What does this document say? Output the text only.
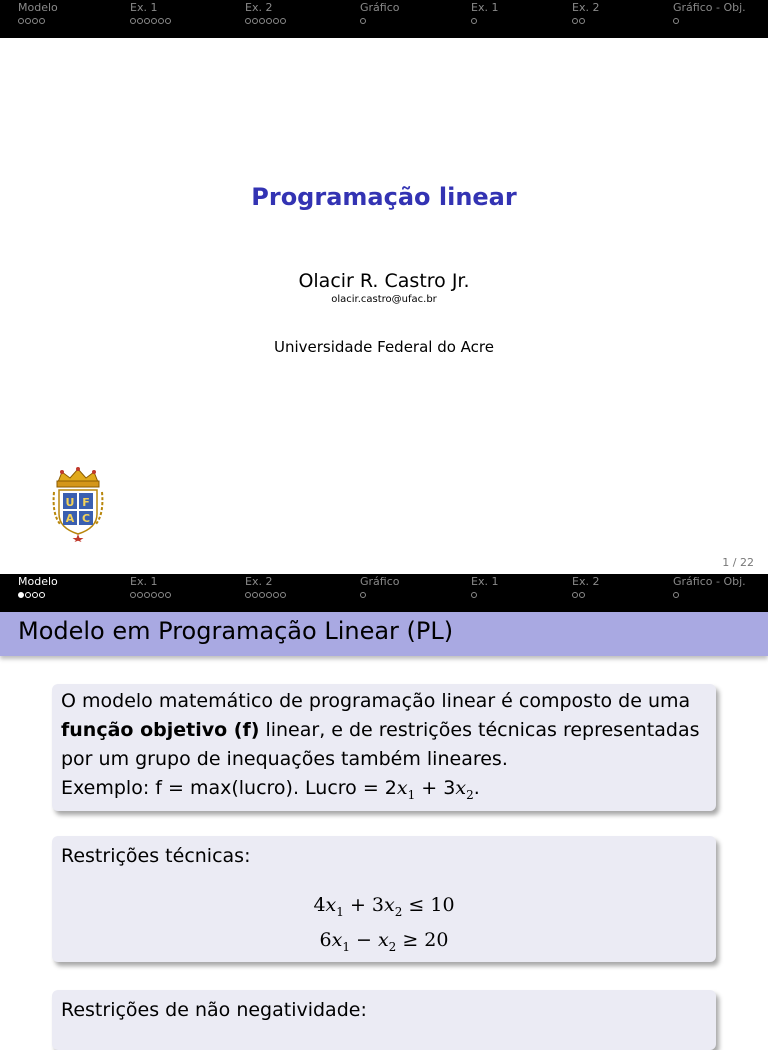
Modelo	Ex. 1	Ex. 2	Gráfico	Ex. 1	Ex. 2	Gráfico - Obj.
Programação linear
Olacir R. Castro Jr.
olacir.castro@ufac.br
Universidade Federal do Acre
U F
A C
1 / 22
Modelo	Ex. 1	Ex. 2	Gráfico	Ex. 1	Ex. 2	Gráfico - Obj.
Modelo em Programação Linear (PL)

O modelo matemático de programação linear é composto de uma

função objetivo (f) linear, e de restrições técnicas representadas

por um grupo de inequações também lineares.

Exemplo: f = max(lucro). Lucro = $2x_1 + 3x_2$.

Restrições técnicas:

$4x_1 + 3x_2 \le 10$
$6x_1 - x_2 \ge 20$

Restrições de não negatividade:
